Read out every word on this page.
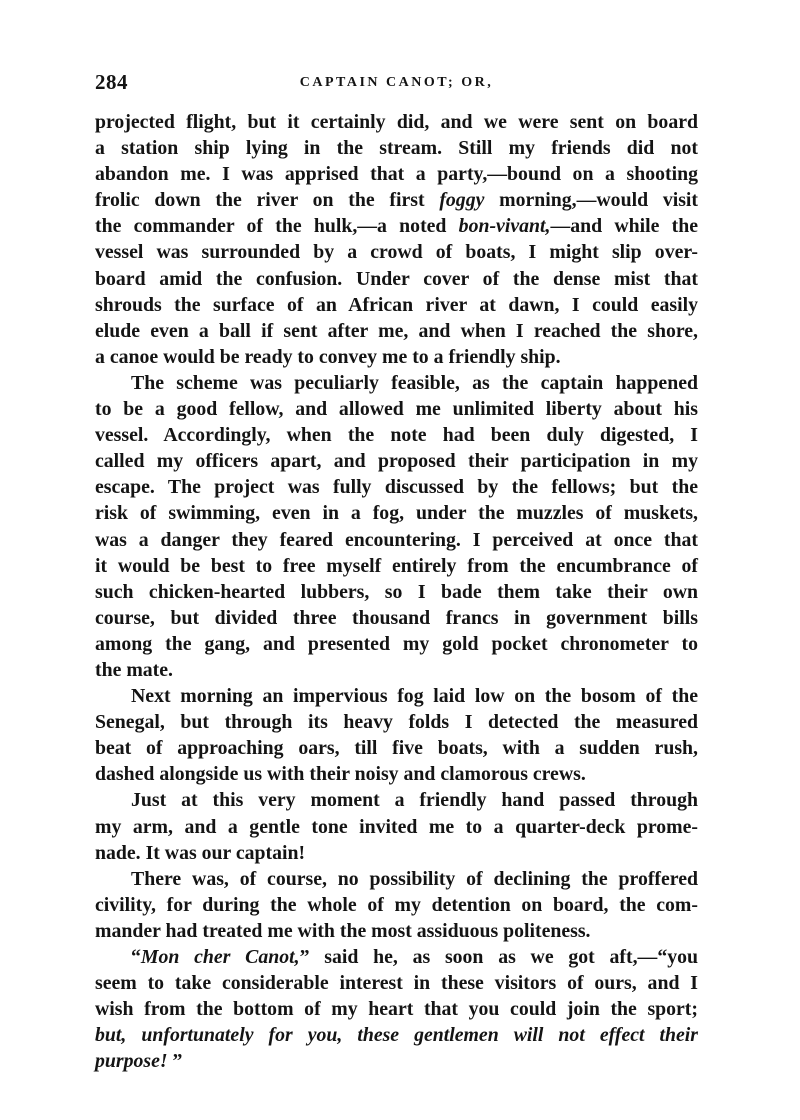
284	CAPTAIN CANOT; OR,

projected flight, but it certainly did, and we were sent on board
a station ship lying in the stream. Still my friends did not
abandon me. I was apprised that a party,—bound on a shooting
frolic down the river on the first foggy morning,—would visit
the commander of the hulk,—a noted bon-vivant,—and while the
vessel was surrounded by a crowd of boats, I might slip over-
board amid the confusion. Under cover of the dense mist that
shrouds the surface of an African river at dawn, I could easily
elude even a ball if sent after me, and when I reached the shore,
a canoe would be ready to convey me to a friendly ship.

The scheme was peculiarly feasible, as the captain happened
to be a good fellow, and allowed me unlimited liberty about his
vessel. Accordingly, when the note had been duly digested, I
called my officers apart, and proposed their participation in my
escape. The project was fully discussed by the fellows; but the
risk of swimming, even in a fog, under the muzzles of muskets,
was a danger they feared encountering. I perceived at once that
it would be best to free myself entirely from the encumbrance of
such chicken-hearted lubbers, so I bade them take their own
course, but divided three thousand francs in government bills
among the gang, and presented my gold pocket chronometer to
the mate.

Next morning an impervious fog laid low on the bosom of the
Senegal, but through its heavy folds I detected the measured
beat of approaching oars, till five boats, with a sudden rush,
dashed alongside us with their noisy and clamorous crews.

Just at this very moment a friendly hand passed through
my arm, and a gentle tone invited me to a quarter-deck prome-
nade. It was our captain!

There was, of course, no possibility of declining the proffered
civility, for during the whole of my detention on board, the com-
mander had treated me with the most assiduous politeness.

“Mon cher Canot,” said he, as soon as we got aft,—“you
seem to take considerable interest in these visitors of ours, and I
wish from the bottom of my heart that you could join the sport;
but, unfortunately for you, these gentlemen will not effect their
purpose! ”
